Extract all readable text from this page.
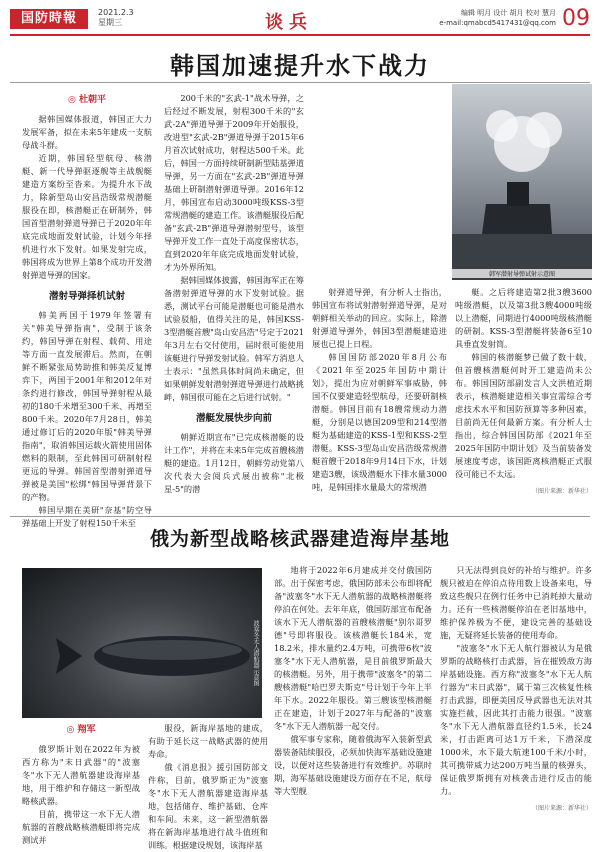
国防時報	2021.2.3
星期三	谈兵	编辑 明月 设计 胡月 校对 慧月
e-mail:qmabcd5417431@qq.com 09
韩国加速提升水下战力
◎ 杜朝平

据韩国媒体报道，韩国正大力发展军备，拟在未来5年建成一支航母战斗群。

近期，韩国轻型航母、核潜艇、新一代导弹驱逐舰等主战舰艇建造方案纷至沓来。为提升水下战力，除新型岛山安昌浩级常规潜艇服役在即，核潜艇正在研制外，韩国首型潜射弹道导弹已于2020年年底完成地面发射试验，计划今年择机进行水下发射。如果发射完成，韩国将成为世界上第8个成功开发潜射弹道导弹的国家。

潜射导弹择机试射

韩美两国于1979年签署有关"韩美导弹指南"，受制于该条约，韩国导弹在射程、载荷、用途等方面一直发展滞后。然而，在朝鲜不断紧张局势助推和韩美反复博弈下，两国于2001年和2012年对条约进行修改，韩国导弹射程从最初的180千米增至300千米、再增至800千米。2020年7月28日，韩美通过修订后的2020年版"韩美导弹指南"，取消韩国运载火箭使用固体燃料的限制，至此韩国可研制射程更远的导弹。韩国首型潜射弹道导弹被是美国"松绑"韩国导弹背景下的产物。

韩国早期在美研"奈基"防空导弹基础上开发了射程150千米至

200千米的"玄武-1"战术导弹，之后经过不断发展，射程300千米的"玄武-2A"弹道导弹于2009年开始服役，改进型"玄武-2B"弹道导弹于2015年6月首次试射成功，射程达500千米。此后，韩国一方面持续研制新型陆基弹道导弹，另一方面在"玄武-2B"弹道导弹基础上研制潜射弹道导弹。2016年12月，韩国宣布启动3000吨级KSS-3型常规潜艇的建造工作。该潜艇服役后配备"玄武-2B"弹道导弹潜射型号，该型导弹开发工作一直处于高度保密状态，直到2020年年底完成地面发射试验，才为外界所知。

据韩国媒体披露，韩国海军正在筹备潜射弹道导弹的水下发射试验。据悉，测试平台可能是潜艇也可能是潜水试验驳船，值得关注的是，韩国KSS-3型潜艇首艘"岛山安昌浩"号定于2021年3月左右交付使用，届时很可能使用该艇进行导弹发射试验。韩军方消息人士表示："虽然具体时间尚未确定，但如果朝鲜发射潜射弹道导弹进行战略挑衅，韩国很可能在之后进行试射。"

潜艇发展快步向前

朝鲜近期宣布"已完成核潜艇的设计工作"，并将在未来5年完成首艘核潜艇的建造。1月12日，朝鲜劳动党第八次代表大会阅兵式展出被称"北极星-5"的潜

韩军潜射导弹试射示意图

射弹道导弹，有分析人士指出，韩国宣布将试射潜射弹道导弹，是对朝鲜相关举动的回应。实际上，除潜射弹道导弹外，韩国3型潜艇建造进展也已提上日程。

韩国国防部2020年8月公布《2021年至2025年国防中期计划》，提出为应对朝鲜军事威胁，韩国不仅要建造轻型航母，还要研制核潜艇。韩国目前有18艘常规动力潜艇，分别是以德国209型和214型潜艇为基础建造的KSS-1型和KSS-2型潜艇。KSS-3型岛山安昌浩级常规潜艇首艘于2018年9月14日下水，计划建造3艘，该级潜艇水下排水量3000吨，是韩国排水量最大的常规潜

艇。之后将建造第2批3艘3600吨级潜艇，以及第3批3艘4000吨级以上潜艇，同期进行4000吨级核潜艇的研制。KSS-3型潜艇将装备6至10具垂直发射筒。

韩国的核潜艇梦已做了数十载，但首艘核潜艇何时开工建造尚未公布。韩国国防部副发言人文洪植近期表示，核潜艇建造相关事宜需综合考虑技术水平和国防预算等多种因素，目前尚无任何最新方案。有分析人士指出，综合韩国国防部《2021年至2025年国防中期计划》及当前装备发展速度考虑，该国距离核潜艇正式服役可能已不太远。

（图片来源：新华社）

俄为新型战略核武器建造海岸基地
波塞冬无人潜航器示意图
◎ 翔军

俄罗斯计划在2022年为被西方称为"末日武器"的"波塞冬"水下无人潜航器建设海岸基地，用于维护和存储这一新型战略核武器。

目前，携带这一水下无人潜航器的首艘战略核潜艇即将完成测试并

服役，新海岸基地的建成，有助于延长这一战略武器的使用寿命。

俄《消息报》援引国防部文件称，目前，俄罗斯正为"波塞冬"水下无人潜航器建造海岸基地，包括储存、维护基础、仓库和车间。未来，这一新型潜航器将在新海岸基地进行战斗值班和训练。根据建设规划，该海岸基

地将于2022年6月建成并交付俄国防部。出于保密考虑，俄国防部未公布即将配备"波塞冬"水下无人潜航器的战略核潜艇将停泊在何处。去年年底，俄国防部宣布配备该水下无人潜航器的首艘核潜艇"别尔哥罗德"号即将服役。该核潜艇长184米，宽18.2米，排水量约2.4万吨，可携带6枚"波塞冬"水下无人潜航器，是目前俄罗斯最大的核潜艇。另外，用于携带"波塞冬"的第二艘核潜艇"哈巴罗夫斯克"号计划于今年上半年下水。2022年服役。第三艘该型核潜艇正在建造，计划于2027年与配备的"波塞冬"水下无人潜航器一起交付。

俄军事专家称，随着俄海军入装新型武器装备陆续服役，必须加快海军基础设施建设，以便对这些装备进行有效维护。苏联时期，海军基础设施建设方面存在不足，航母等大型舰

只无法得到良好的补给与维护。许多舰只被迫在停泊点待用数上设备来电，导致这些舰只在例行任务中已消耗掉大量动力。还有一些核潜艇停泊在老旧基地中，维护保养极为不便，建设完善的基础设施，无疑将延长装备的使用寿命。

"波塞冬"水下无人航行器被认为是俄罗斯的战略核打击武器，旨在摧毁敌方海岸基础设施。西方称"波塞冬"水下无人航行器为"末日武器"，属于第三次核复性核打击武器，即便美国反导武器也无法对其实施拦截，因此其打击能力很强。"波塞冬"水下无人潜航器直径约1.5米，长24米，打击距离可达1万千米，下潜深度1000米，水下最大航速100千米/小时，其可携带威力达200万吨当量的核弹头，保证俄罗斯拥有对核袭击进行反击的能力。

（图片来源：新华社）
